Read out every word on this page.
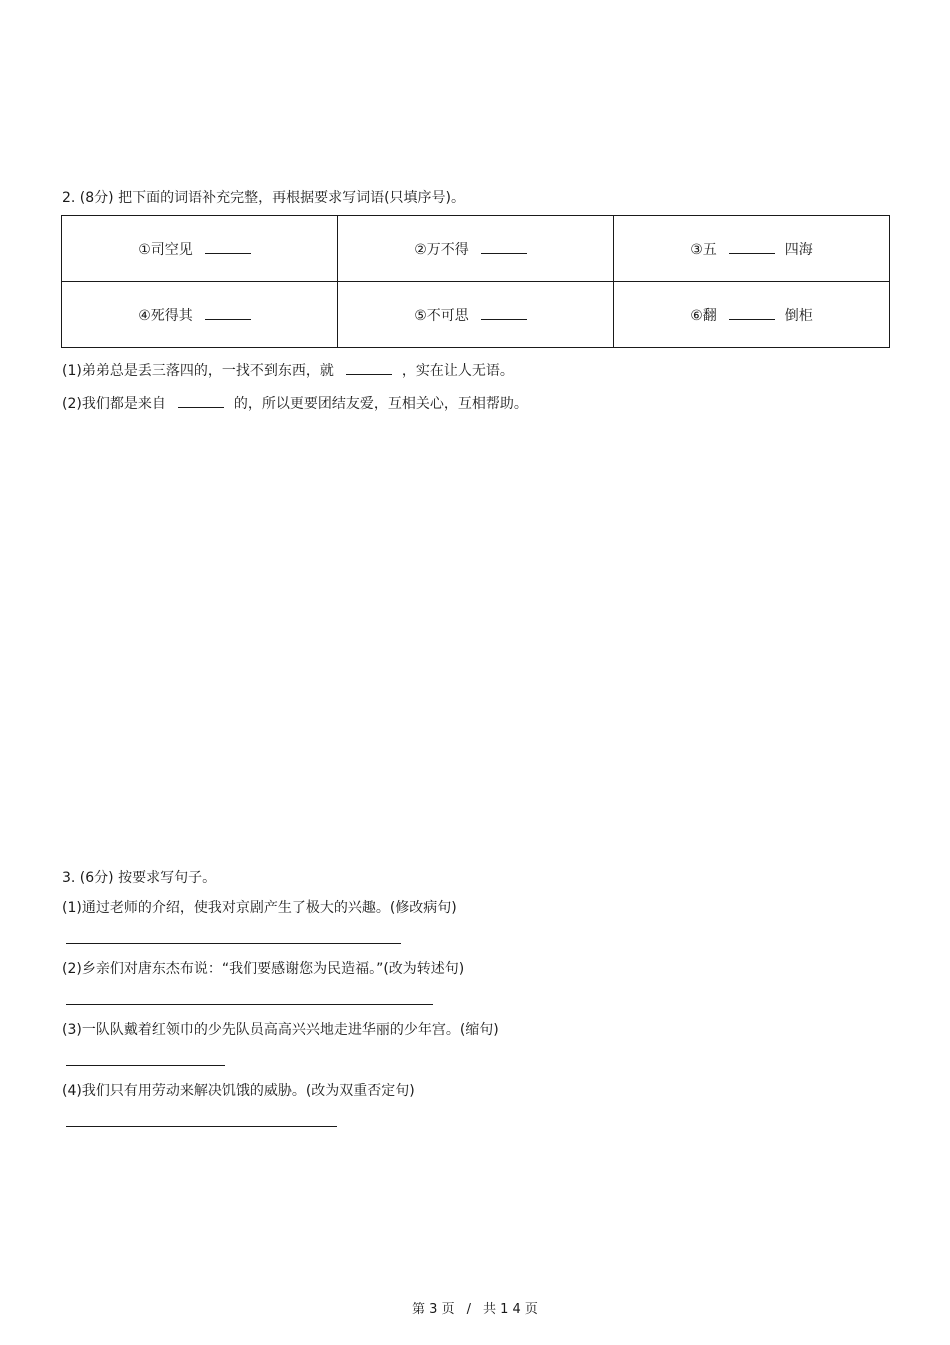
2. (8分) 把下面的词语补充完整，再根据要求写词语(只填序号)。
①司空见	②万不得	③五 四海
④死得其	⑤不可思	⑥翻 倒柜
(1)弟弟总是丢三落四的，一找不到东西，就	，实在让人无语。
(2)我们都是来自	的，所以更要团结友爱，互相关心，互相帮助。
3. (6分) 按要求写句子。
(1)通过老师的介绍，使我对京剧产生了极大的兴趣。(修改病句)
(2)乡亲们对唐东杰布说：“我们要感谢您为民造福。”(改为转述句)
(3)一队队戴着红领巾的少先队员高高兴兴地走进华丽的少年宫。(缩句)
(4)我们只有用劳动来解决饥饿的威胁。(改为双重否定句)
第 3 页 / 共 1 4 页
